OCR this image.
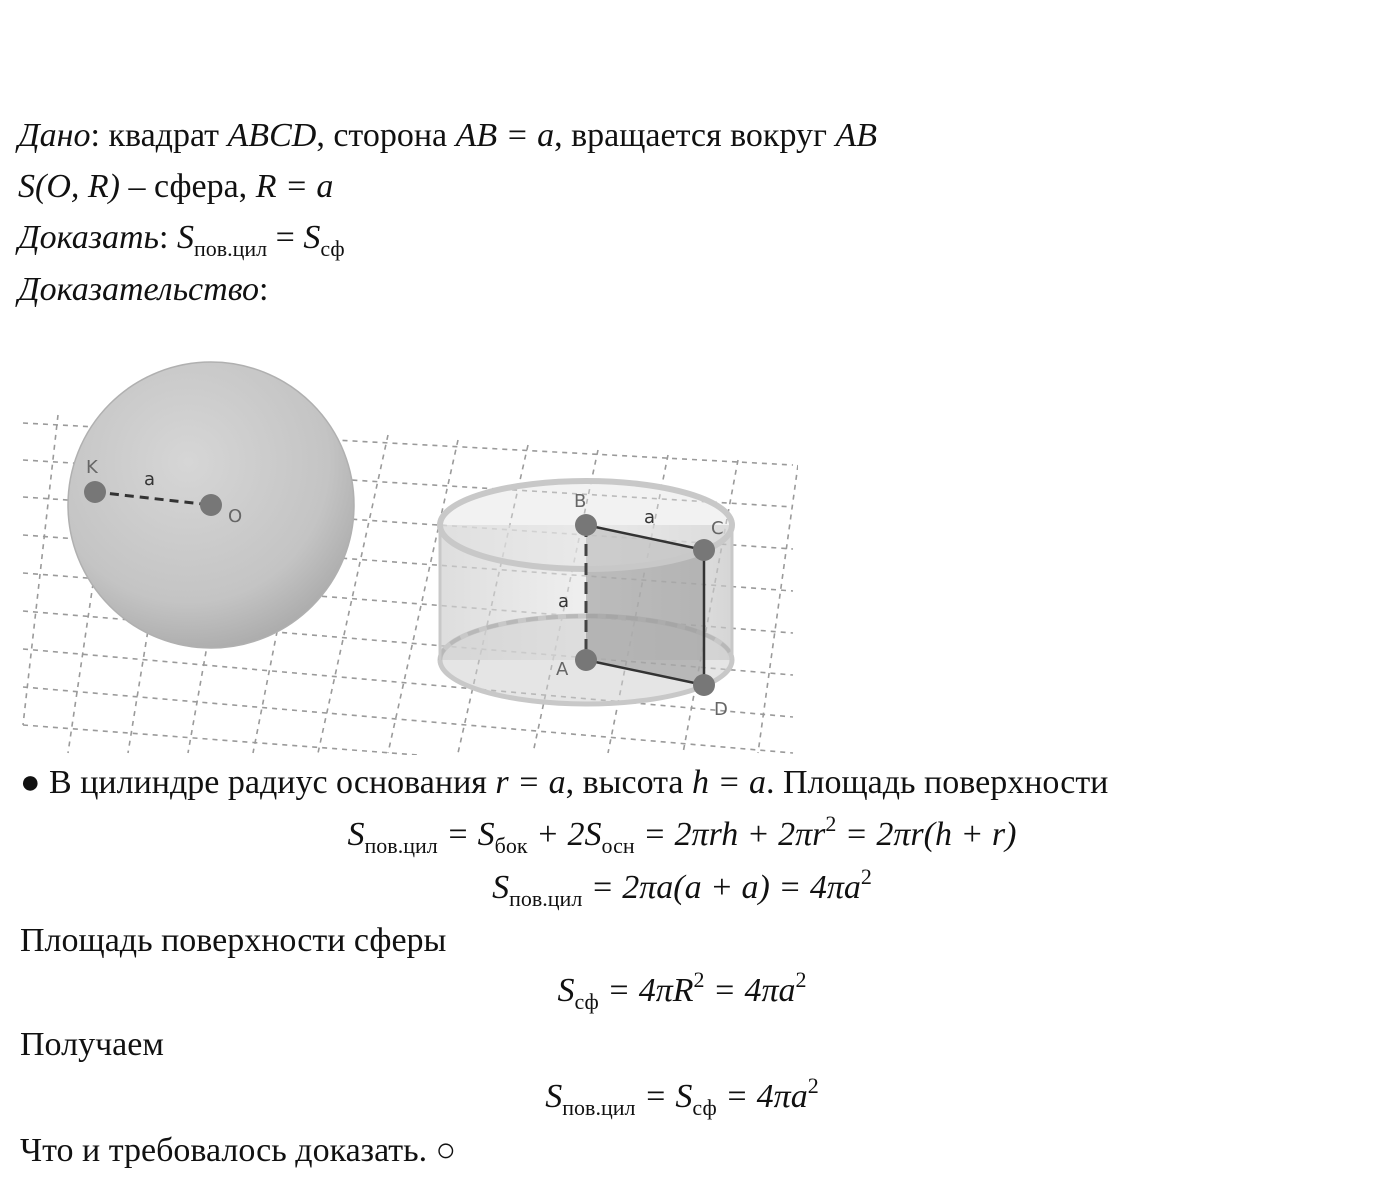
Дано: квадрат ABCD, сторона AB = a, вращается вокруг AB
S(O, R) – сфера, R = a
Доказать: $S_{пов.цил} = S_{сф}$
Доказательство:
K
O
a
B
C
A
D
a
a
● В цилиндре радиус основания r = a, высота h = a. Площадь поверхности
$S_{пов.цил} = S_{бок} + 2S_{осн} = 2\pi rh + 2\pi r^2 = 2\pi r(h + r)$
$S_{пов.цил} = 2\pi a(a + a) = 4\pi a^2$
Площадь поверхности сферы
$S_{сф} = 4\pi R^2 = 4\pi a^2$
Получаем
$S_{пов.цил} = S_{сф} = 4\pi a^2$
Что и требовалось доказать. ○
